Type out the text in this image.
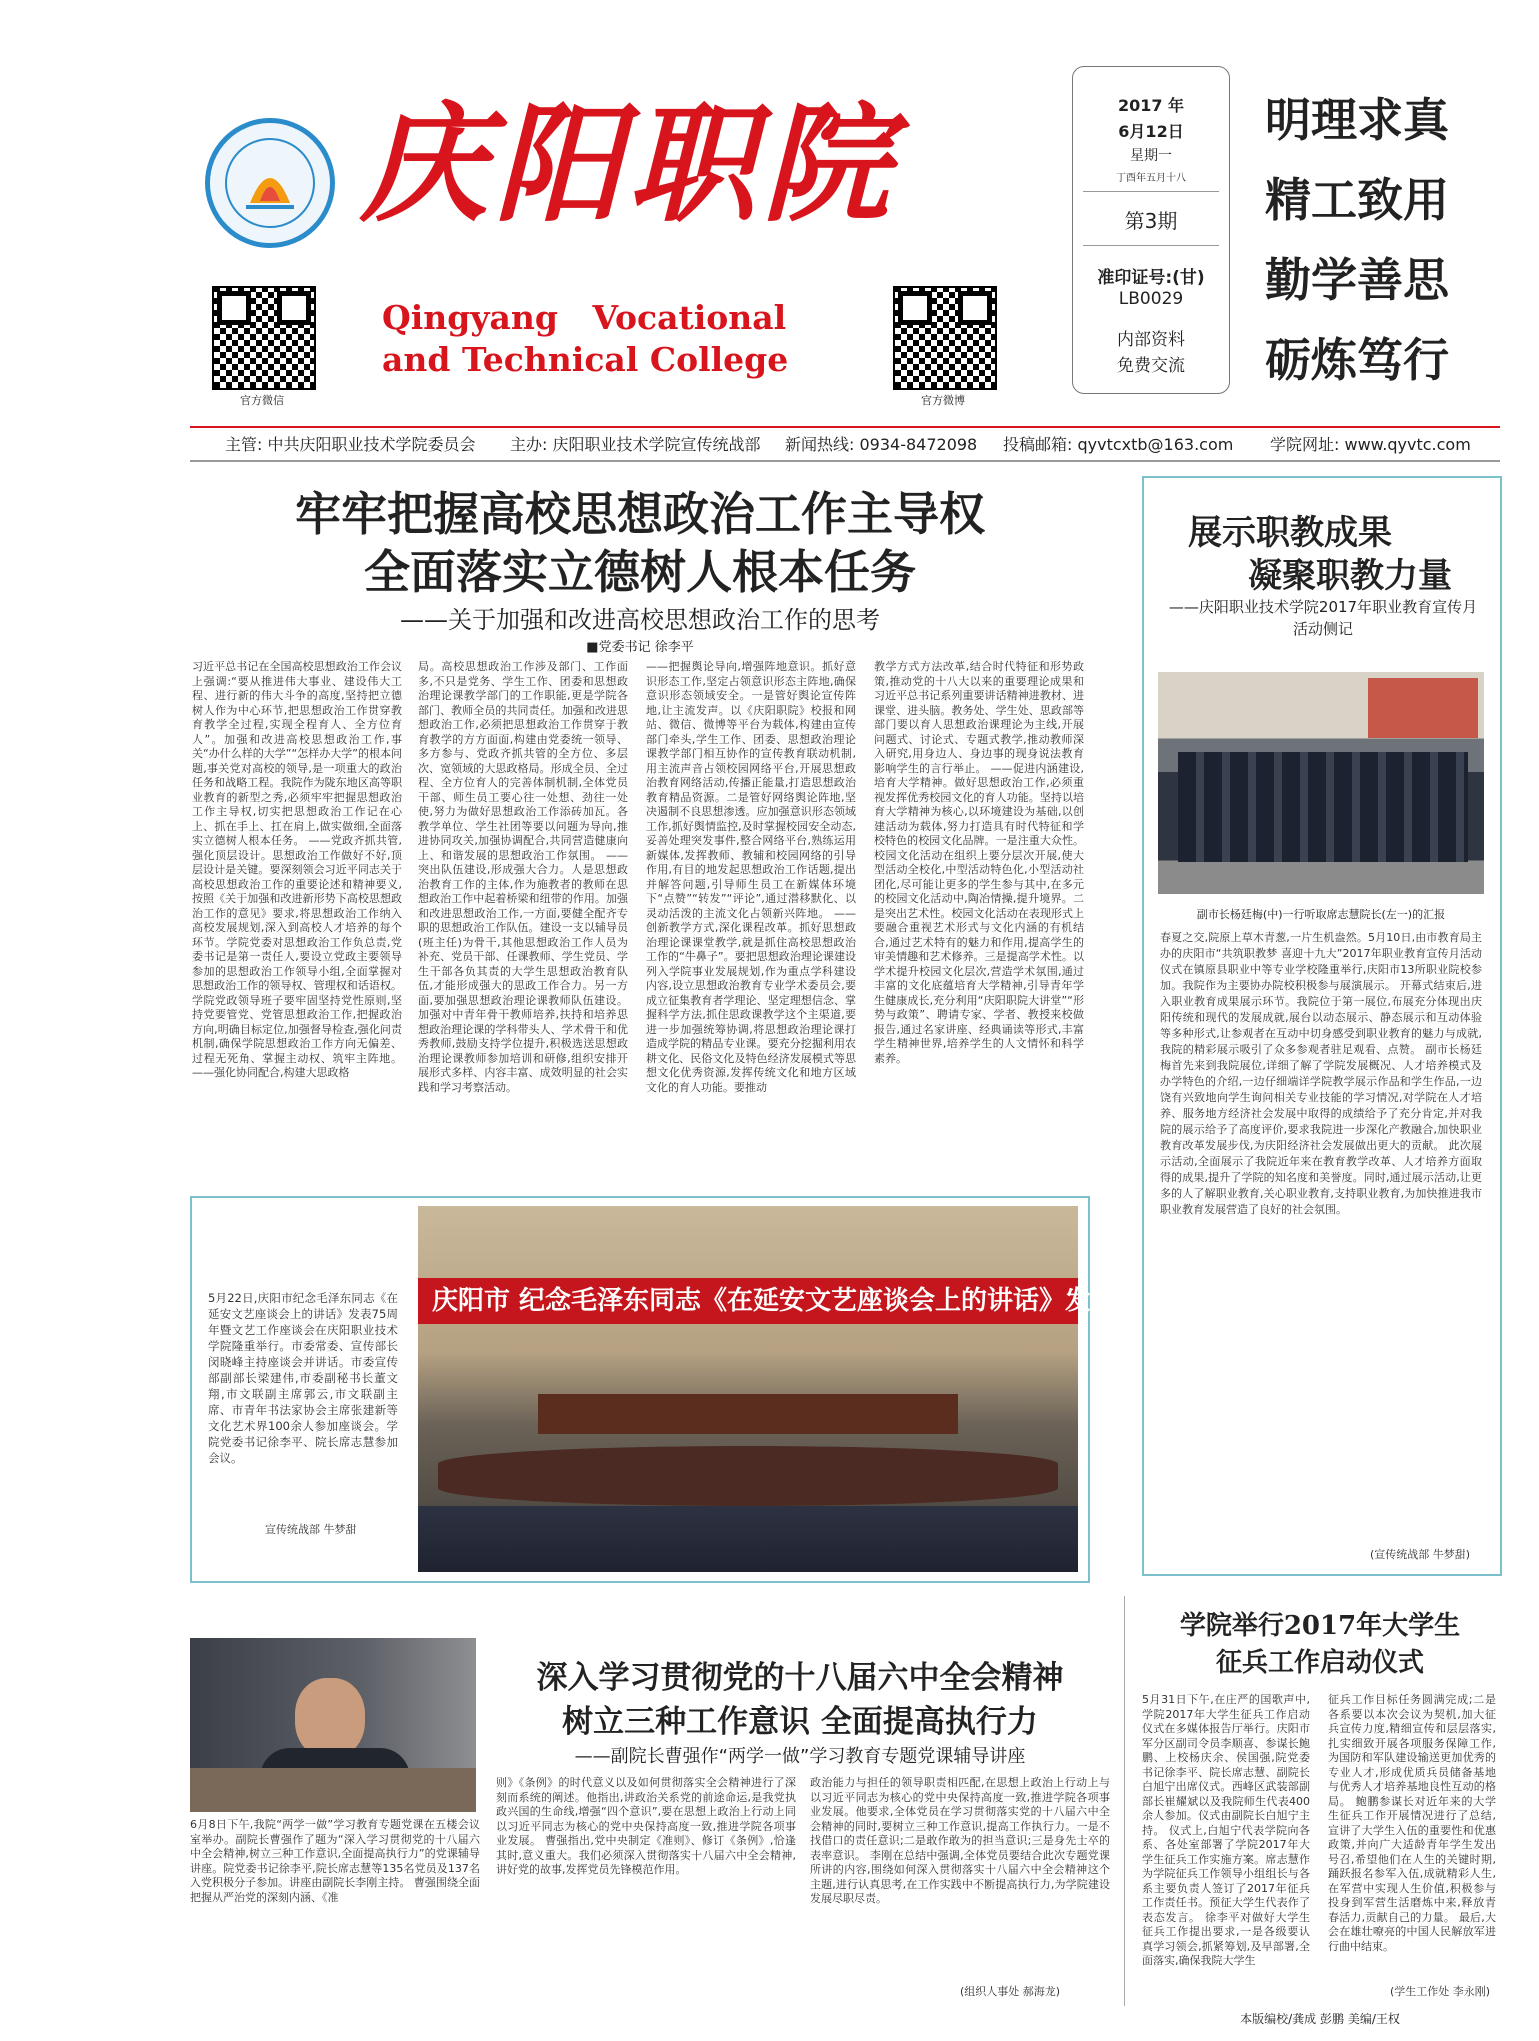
庆阳职院
官方微信
Qingyang   Vocational
and Technical College
官方微博
2017 年
6月12日
星期一
丁酉年五月十八
第3期
准印证号:(甘)
LB0029
内部资料
免费交流
明理求真
精工致用
勤学善思
砺炼笃行
主管: 中共庆阳职业技术学院委员会 主办: 庆阳职业技术学院宣传统战部 新闻热线: 0934-8472098 投稿邮箱: qyvtcxtb@163.com 学院网址: www.qyvtc.com
牢牢把握高校思想政治工作主导权
全面落实立德树人根本任务
——关于加强和改进高校思想政治工作的思考
■党委书记 徐李平
习近平总书记在全国高校思想政治工作会议上强调:“要从推进伟大事业、建设伟大工程、进行新的伟大斗争的高度,坚持把立德树人作为中心环节,把思想政治工作贯穿教育教学全过程,实现全程育人、全方位育人”。加强和改进高校思想政治工作,事关“办什么样的大学”“怎样办大学”的根本问题,事关党对高校的领导,是一项重大的政治任务和战略工程。我院作为陇东地区高等职业教育的新型之秀,必须牢牢把握思想政治工作主导权,切实把思想政治工作记在心上、抓在手上、扛在肩上,做实做细,全面落实立德树人根本任务。 ——党政齐抓共管,强化顶层设计。思想政治工作做好不好,顶层设计是关键。要深刻领会习近平同志关于高校思想政治工作的重要论述和精神要义,按照《关于加强和改进新形势下高校思想政治工作的意见》要求,将思想政治工作纳入高校发展规划,深入到高校人才培养的每个环节。学院党委对思想政治工作负总责,党委书记是第一责任人,要设立党政主要领导参加的思想政治工作领导小组,全面掌握对思想政治工作的领导权、管理权和话语权。学院党政领导班子要牢固坚持党性原则,坚持党要管党、党管思想政治工作,把握政治方向,明确目标定位,加强督导检查,强化问责机制,确保学院思想政治工作方向无偏差、过程无死角、掌握主动权、筑牢主阵地。 ——强化协同配合,构建大思政格
局。高校思想政治工作涉及部门、工作面多,不只是党务、学生工作、团委和思想政治理论课教学部门的工作职能,更是学院各部门、教师全员的共同责任。加强和改进思想政治工作,必须把思想政治工作贯穿于教育教学的方方面面,构建由党委统一领导、多方参与、党政齐抓共管的全方位、多层次、宽领域的大思政格局。形成全员、全过程、全方位育人的完善体制机制,全体党员干部、师生员工要心往一处想、劲往一处使,努力为做好思想政治工作添砖加瓦。各教学单位、学生社团等要以问题为导向,推进协同攻关,加强协调配合,共同营造健康向上、和谐发展的思想政治工作氛围。 ——突出队伍建设,形成强大合力。人是思想政治教育工作的主体,作为施教者的教师在思想政治工作中起着桥梁和纽带的作用。加强和改进思想政治工作,一方面,要健全配齐专职的思想政治工作队伍。建设一支以辅导员(班主任)为骨干,其他思想政治工作人员为补充、党员干部、任课教师、学生党员、学生干部各负其责的大学生思想政治教育队伍,才能形成强大的思政工作合力。另一方面,要加强思想政治理论课教师队伍建设。加强对中青年骨干教师培养,扶持和培养思想政治理论课的学科带头人、学术骨干和优秀教师,鼓励支持学位提升,积极选送思想政治理论课教师参加培训和研修,组织安排开展形式多样、内容丰富、成效明显的社会实践和学习考察活动。
——把握舆论导向,增强阵地意识。抓好意识形态工作,坚定占领意识形态主阵地,确保意识形态领域安全。一是管好舆论宣传阵地,让主流发声。以《庆阳职院》校报和网站、微信、微博等平台为载体,构建由宣传部门牵头,学生工作、团委、思想政治理论课教学部门相互协作的宣传教育联动机制,用主流声音占领校园网络平台,开展思想政治教育网络活动,传播正能量,打造思想政治教育精品资源。二是管好网络舆论阵地,坚决遏制不良思想渗透。应加强意识形态领域工作,抓好舆情监控,及时掌握校园安全动态,妥善处理突发事件,整合网络平台,熟练运用新媒体,发挥教师、教辅和校园网络的引导作用,有目的地发起思想政治工作话题,提出并解答问题,引导师生员工在新媒体环境下“点赞”“转发”“评论”,通过潜移默化、以灵动活泼的主流文化占领新兴阵地。 ——创新教学方式,深化课程改革。抓好思想政治理论课课堂教学,就是抓住高校思想政治工作的“牛鼻子”。要把思想政治理论课建设列入学院事业发展规划,作为重点学科建设内容,设立思想政治教育专业学术委员会,要成立征集教育者学理论、坚定理想信念、掌握科学方法,抓住思政课教学这个主渠道,要进一步加强统筹协调,将思想政治理论课打造成学院的精品专业课。要充分挖掘利用农耕文化、民俗文化及特色经济发展模式等思想文化优秀资源,发挥传统文化和地方区域文化的育人功能。要推动
教学方式方法改革,结合时代特征和形势政策,推动党的十八大以来的重要理论成果和习近平总书记系列重要讲话精神进教材、进课堂、进头脑。教务处、学生处、思政部等部门要以育人思想政治课理论为主线,开展问题式、讨论式、专题式教学,推动教师深入研究,用身边人、身边事的现身说法教育影响学生的言行举止。 ——促进内涵建设,培育大学精神。做好思想政治工作,必须重视发挥优秀校园文化的育人功能。坚持以培育大学精神为核心,以环境建设为基础,以创建活动为载体,努力打造具有时代特征和学校特色的校园文化品牌。一是注重大众性。校园文化活动在组织上要分层次开展,使大型活动全校化,中型活动特色化,小型活动社团化,尽可能让更多的学生参与其中,在多元的校园文化活动中,陶冶情操,提升境界。二是突出艺术性。校园文化活动在表现形式上要融合重视艺术形式与文化内涵的有机结合,通过艺术特有的魅力和作用,提高学生的审美情趣和艺术修养。三是提高学术性。以学术提升校园文化层次,营造学术氛围,通过丰富的文化底蕴培育大学精神,引导青年学生健康成长,充分利用“庆阳职院大讲堂”“形势与政策”、聘请专家、学者、教授来校做报告,通过名家讲座、经典诵读等形式,丰富学生精神世界,培养学生的人文情怀和科学素养。
5月22日,庆阳市纪念毛泽东同志《在延安文艺座谈会上的讲话》发表75周年暨文艺工作座谈会在庆阳职业技术学院隆重举行。市委常委、宣传部长闵晓峰主持座谈会并讲话。市委宣传部副部长梁建伟,市委副秘书长董文翔,市文联副主席郭云,市文联副主席、市青年书法家协会主席张建新等文化艺术界100余人参加座谈会。学院党委书记徐李平、院长席志慧参加会议。
宣传统战部 牛梦甜
庆阳市 纪念毛泽东同志《在延安文艺座谈会上的讲话》发表75周年暨文艺工作座谈会
展示职教成果
凝聚职教力量
——庆阳职业技术学院2017年职业教育宣传月活动侧记
副市长杨廷梅(中)一行听取席志慧院长(左一)的汇报
春夏之交,院原上草木青葱,一片生机盎然。5月10日,由市教育局主办的庆阳市“共筑职教梦 喜迎十九大”2017年职业教育宣传月活动仪式在镇原县职业中等专业学校隆重举行,庆阳市13所职业院校参加。我院作为主要协办院校积极参与展演展示。 开幕式结束后,进入职业教育成果展示环节。我院位于第一展位,布展充分体现出庆阳传统和现代的发展成就,展台以动态展示、静态展示和互动体验等多种形式,让参观者在互动中切身感受到职业教育的魅力与成就,我院的精彩展示吸引了众多参观者驻足观看、点赞。 副市长杨廷梅首先来到我院展位,详细了解了学院发展概况、人才培养模式及办学特色的介绍,一边仔细端详学院教学展示作品和学生作品,一边饶有兴致地向学生询问相关专业技能的学习情况,对学院在人才培养、服务地方经济社会发展中取得的成绩给予了充分肯定,并对我院的展示给予了高度评价,要求我院进一步深化产教融合,加快职业教育改革发展步伐,为庆阳经济社会发展做出更大的贡献。 此次展示活动,全面展示了我院近年来在教育教学改革、人才培养方面取得的成果,提升了学院的知名度和美誉度。同时,通过展示活动,让更多的人了解职业教育,关心职业教育,支持职业教育,为加快推进我市职业教育发展营造了良好的社会氛围。
(宣传统战部 牛梦甜)
学院举行2017年大学生
征兵工作启动仪式
5月31日下午,在庄严的国歌声中,学院2017年大学生征兵工作启动仪式在多媒体报告厅举行。庆阳市军分区副司令员李顺喜、参谋长鲍鹏、上校杨庆余、侯国强,院党委书记徐李平、院长席志慧、副院长白旭宁出席仪式。西峰区武装部副部长崔耀斌以及我院师生代表400余人参加。仪式由副院长白旭宁主持。 仪式上,白旭宁代表学院向各系、各处室部署了学院2017年大学生征兵工作实施方案。席志慧作为学院征兵工作领导小组组长与各系主要负责人签订了2017年征兵工作责任书。预征大学生代表作了表态发言。 徐李平对做好大学生征兵工作提出要求,一是各级要认真学习领会,抓紧筹划,及早部署,全面落实,确保我院大学生
征兵工作目标任务圆满完成;二是各系要以本次会议为契机,加大征兵宣传力度,精细宣传和层层落实,扎实细致开展各项服务保障工作,为国防和军队建设输送更加优秀的专业人才,形成优质兵员储备基地与优秀人才培养基地良性互动的格局。 鲍鹏参谋长对近年来的大学生征兵工作开展情况进行了总结,宣讲了大学生入伍的重要性和优惠政策,并向广大适龄青年学生发出号召,希望他们在人生的关键时期,踊跃报名参军入伍,成就精彩人生,在军营中实现人生价值,积极参与投身到军营生活磨炼中来,释放青春活力,贡献自己的力量。 最后,大会在雄壮嘹亮的中国人民解放军进行曲中结束。
(学生工作处 李永刚)
6月8日下午,我院“两学一做”学习教育专题党课在五楼会议室举办。副院长曹强作了题为“深入学习贯彻党的十八届六中全会精神,树立三种工作意识,全面提高执行力”的党课辅导讲座。院党委书记徐李平,院长席志慧等135名党员及137名入党积极分子参加。讲座由副院长李刚主持。 曹强围绕全面把握从严治党的深刻内涵、《准
深入学习贯彻党的十八届六中全会精神
树立三种工作意识 全面提高执行力
——副院长曹强作“两学一做”学习教育专题党课辅导讲座
则》《条例》的时代意义以及如何贯彻落实全会精神进行了深刻而系统的阐述。他指出,讲政治关系党的前途命运,是我党执政兴国的生命线,增强“四个意识”,要在思想上政治上行动上同以习近平同志为核心的党中央保持高度一致,推进学院各项事业发展。 曹强指出,党中央制定《准则》、修订《条例》,恰逢其时,意义重大。我们必须深入贯彻落实十八届六中全会精神,讲好党的故事,发挥党员先锋模范作用。
政治能力与担任的领导职责相匹配,在思想上政治上行动上与以习近平同志为核心的党中央保持高度一致,推进学院各项事业发展。他要求,全体党员在学习贯彻落实党的十八届六中全会精神的同时,要树立三种工作意识,提高工作执行力。一是不找借口的责任意识;二是敢作敢为的担当意识;三是身先士卒的表率意识。 李刚在总结中强调,全体党员要结合此次专题党课所讲的内容,围绕如何深入贯彻落实十八届六中全会精神这个主题,进行认真思考,在工作实践中不断提高执行力,为学院建设发展尽职尽责。
(组织人事处 郝海龙)
本版编校/龚成 彭鹏 美编/王权
